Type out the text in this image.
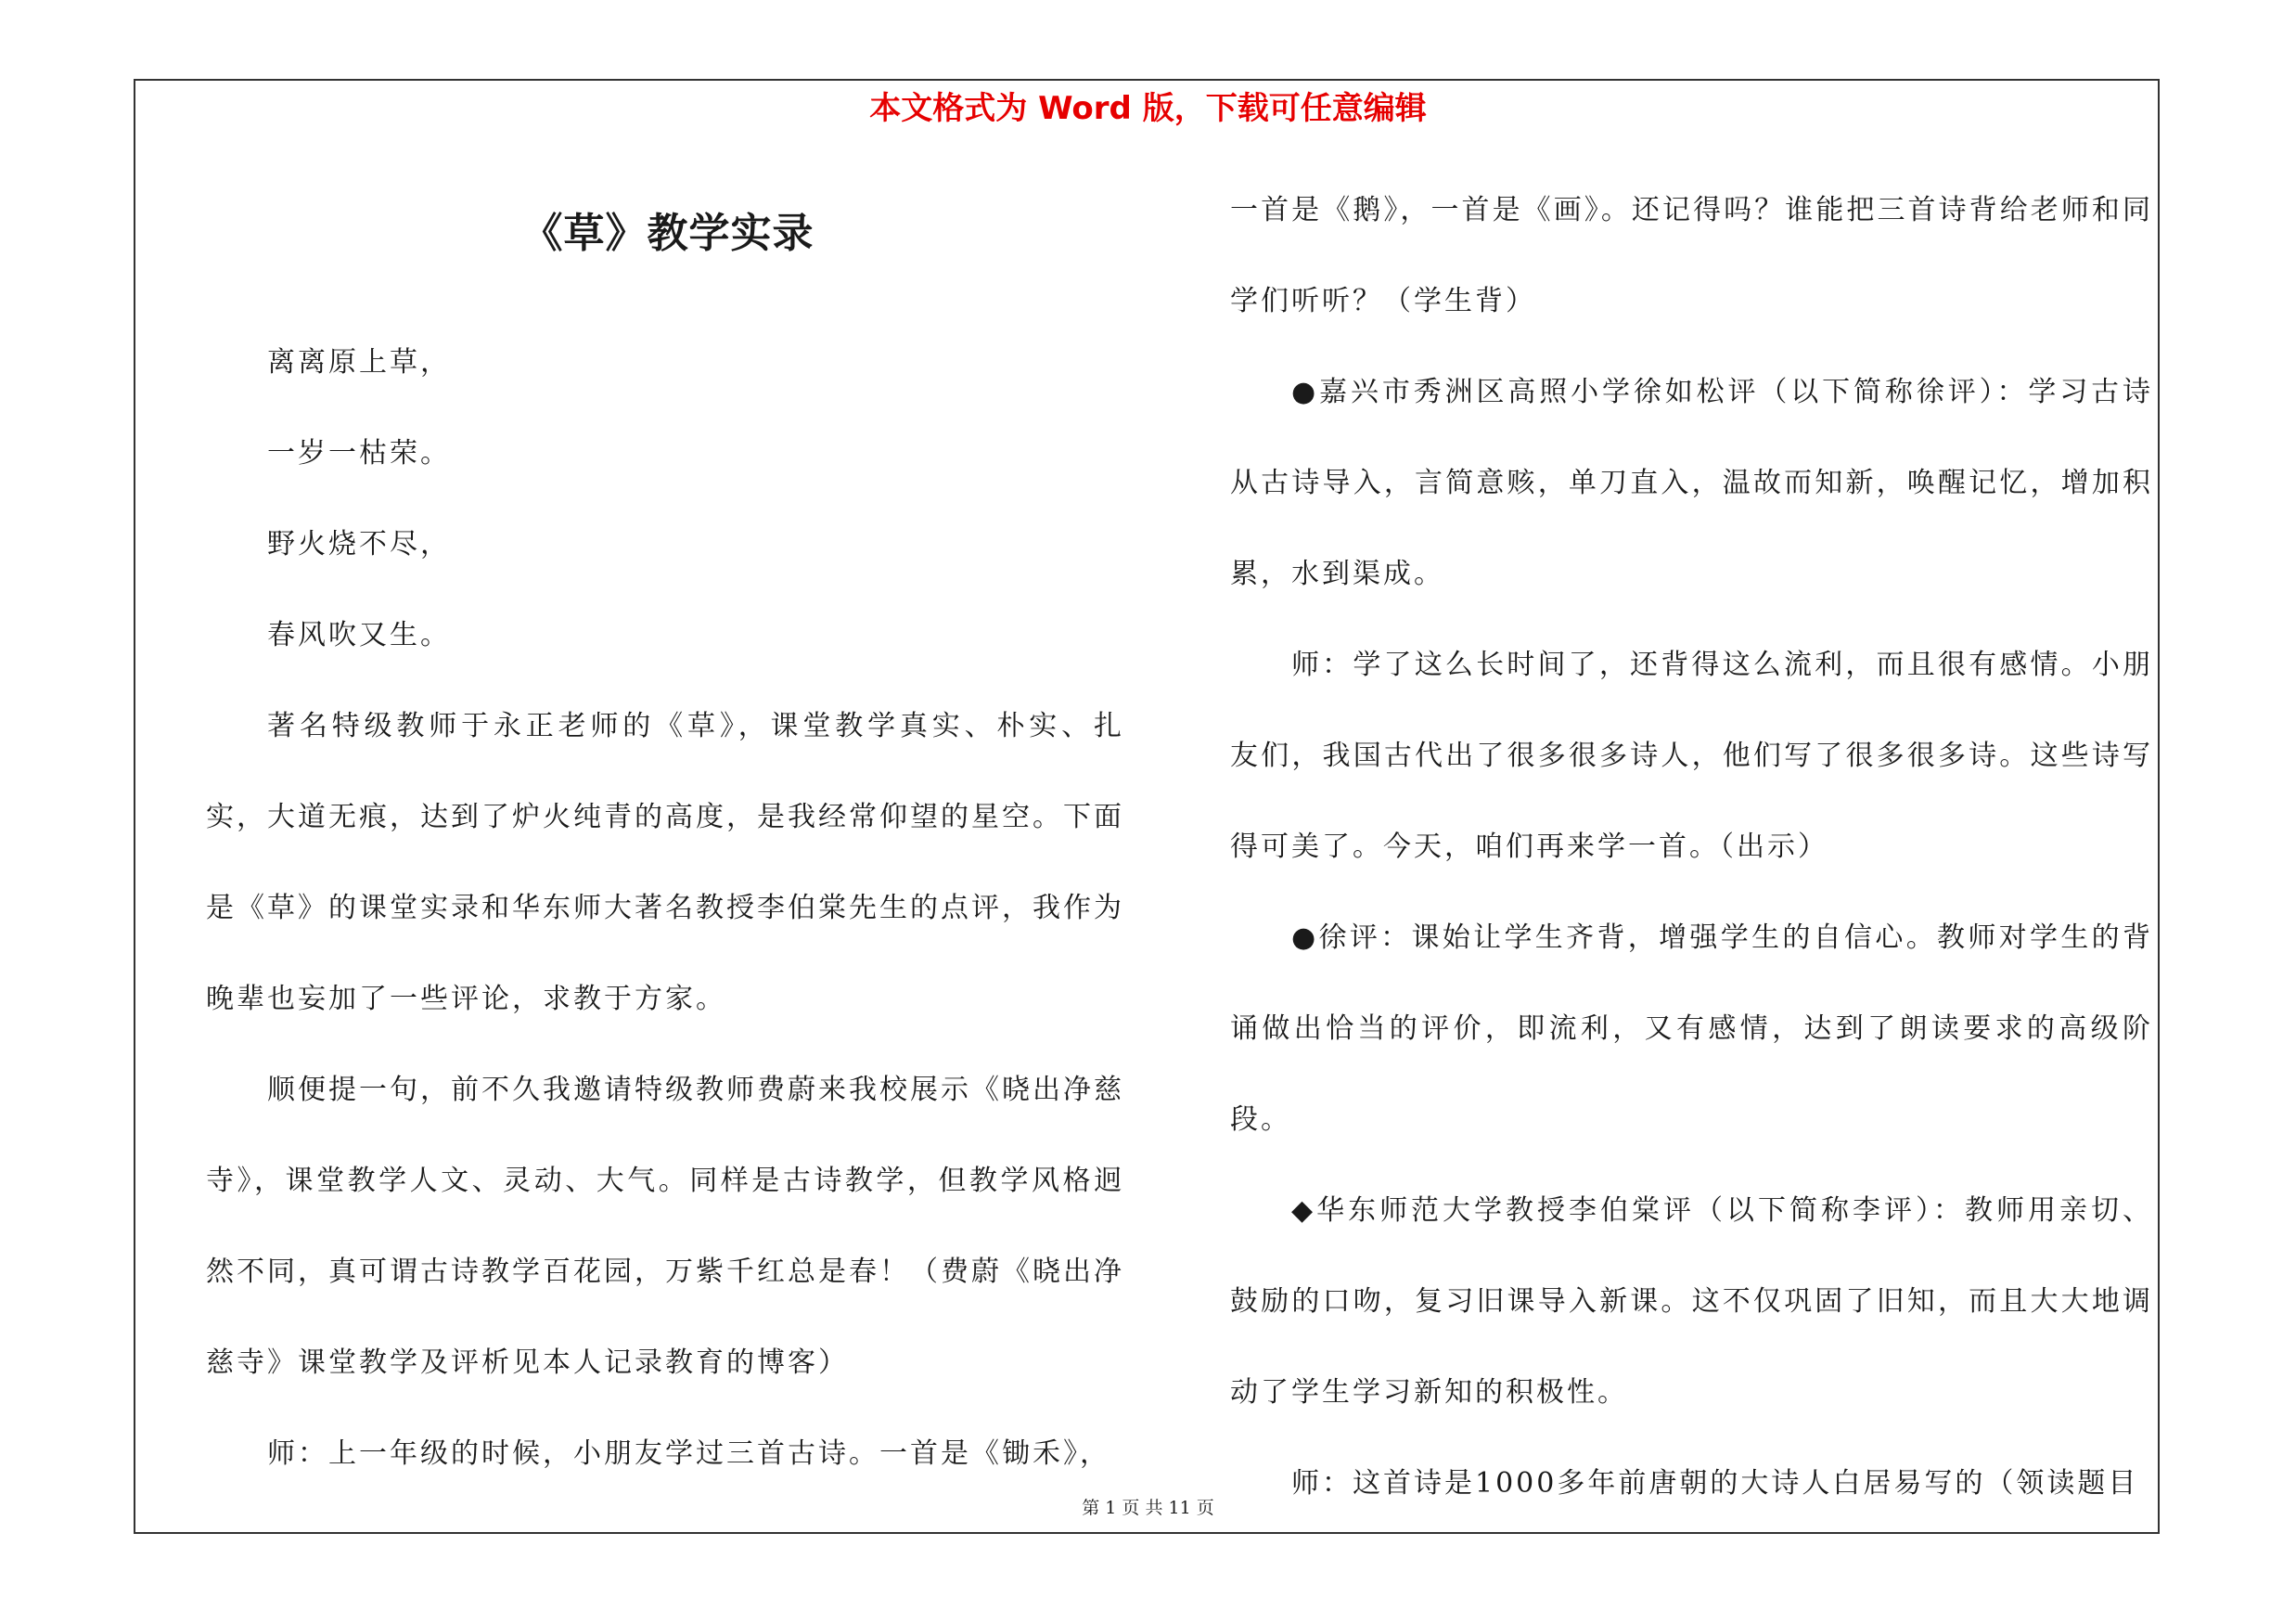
本文格式为 Word 版，下载可任意编辑

《草》教学实录

离离原上草，

一岁一枯荣。

野火烧不尽，

春风吹又生。

著名特级教师于永正老师的《草》，课堂教学真实、朴实、扎实，大道无痕，达到了炉火纯青的高度，是我经常仰望的星空。下面是《草》的课堂实录和华东师大著名教授李伯棠先生的点评，我作为晚辈也妄加了一些评论，求教于方家。

顺便提一句，前不久我邀请特级教师费蔚来我校展示《晓出净慈寺》，课堂教学人文、灵动、大气。同样是古诗教学，但教学风格迥然不同，真可谓古诗教学百花园，万紫千红总是春！（费蔚《晓出净慈寺》课堂教学及评析见本人记录教育的博客）

师：上一年级的时候，小朋友学过三首古诗。一首是《锄禾》，

一首是《鹅》，一首是《画》。还记得吗？谁能把三首诗背给老师和同学们听听？（学生背）

●嘉兴市秀洲区高照小学徐如松评（以下简称徐评）：学习古诗从古诗导入，言简意赅，单刀直入，温故而知新，唤醒记忆，增加积累，水到渠成。

师：学了这么长时间了，还背得这么流利，而且很有感情。小朋友们，我国古代出了很多很多诗人，他们写了很多很多诗。这些诗写得可美了。今天，咱们再来学一首。（出示）

●徐评：课始让学生齐背，增强学生的自信心。教师对学生的背诵做出恰当的评价，即流利，又有感情，达到了朗读要求的高级阶段。

◆华东师范大学教授李伯棠评（以下简称李评）：教师用亲切、鼓励的口吻，复习旧课导入新课。这不仅巩固了旧知，而且大大地调动了学生学习新知的积极性。

师：这首诗是1000多年前唐朝的大诗人白居易写的（领读题目

第 1 页 共 11 页
